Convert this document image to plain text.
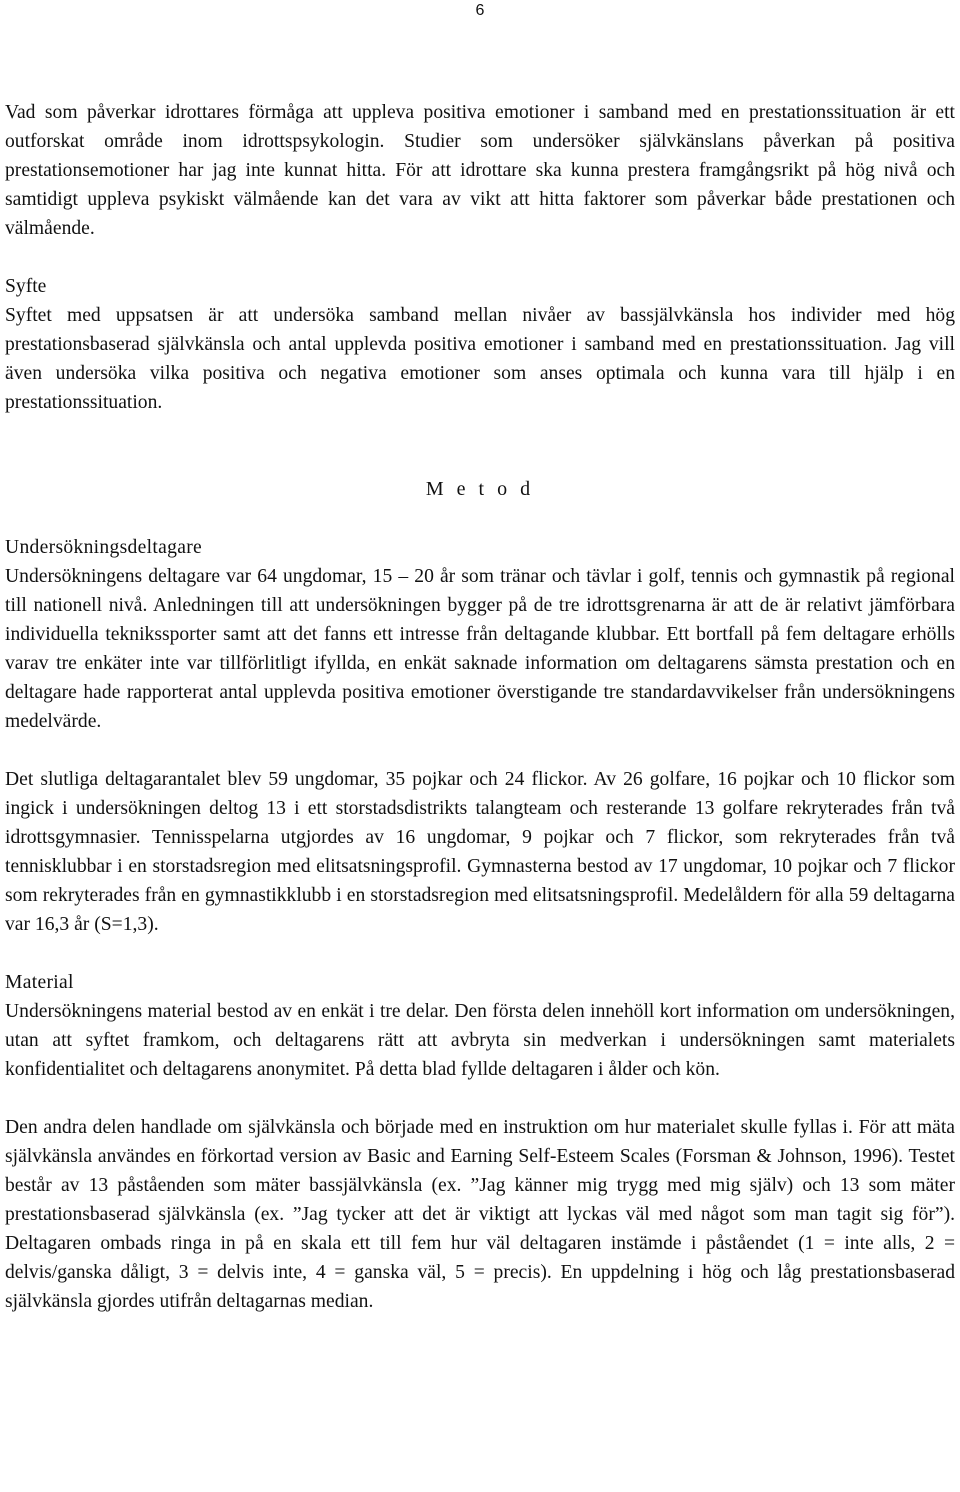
6

Vad som påverkar idrottares förmåga att uppleva positiva emotioner i samband med en prestationssituation är ett outforskat område inom idrottspsykologin. Studier som undersöker självkänslans påverkan på positiva prestationsemotioner har jag inte kunnat hitta. För att idrottare ska kunna prestera framgångsrikt på hög nivå och samtidigt uppleva psykiskt välmående kan det vara av vikt att hitta faktorer som påverkar både prestationen och välmående.

Syfte

Syftet med uppsatsen är att undersöka samband mellan nivåer av bassjälvkänsla hos individer med hög prestationsbaserad självkänsla och antal upplevda positiva emotioner i samband med en prestationssituation. Jag vill även undersöka vilka positiva och negativa emotioner som anses optimala och kunna vara till hjälp i en prestationssituation.

M e t o d
Undersökningsdeltagare

Undersökningens deltagare var 64 ungdomar, 15 – 20 år som tränar och tävlar i golf, tennis och gymnastik på regional till nationell nivå. Anledningen till att undersökningen bygger på de tre idrottsgrenarna är att de är relativt jämförbara individuella teknikssporter samt att det fanns ett intresse från deltagande klubbar. Ett bortfall på fem deltagare erhölls varav tre enkäter inte var tillförlitligt ifyllda, en enkät saknade information om deltagarens sämsta prestation och en deltagare hade rapporterat antal upplevda positiva emotioner överstigande tre standardavvikelser från undersökningens medelvärde.

Det slutliga deltagarantalet blev 59 ungdomar, 35 pojkar och 24 flickor. Av 26 golfare, 16 pojkar och 10 flickor som ingick i undersökningen deltog 13 i ett storstadsdistrikts talangteam och resterande 13 golfare rekryterades från två idrottsgymnasier. Tennisspelarna utgjordes av 16 ungdomar, 9 pojkar och 7 flickor, som rekryterades från två tennisklubbar i en storstadsregion med elitsatsningsprofil. Gymnasterna bestod av 17 ungdomar, 10 pojkar och 7 flickor som rekryterades från en gymnastikklubb i en storstadsregion med elitsatsningsprofil. Medelåldern för alla 59 deltagarna var 16,3 år (S=1,3).

Material

Undersökningens material bestod av en enkät i tre delar. Den första delen innehöll kort information om undersökningen, utan att syftet framkom, och deltagarens rätt att avbryta sin medverkan i undersökningen samt materialets konfidentialitet och deltagarens anonymitet. På detta blad fyllde deltagaren i ålder och kön.

Den andra delen handlade om självkänsla och började med en instruktion om hur materialet skulle fyllas i. För att mäta självkänsla användes en förkortad version av Basic and Earning Self-Esteem Scales (Forsman & Johnson, 1996). Testet består av 13 påståenden som mäter bassjälvkänsla (ex. ”Jag känner mig trygg med mig själv) och 13 som mäter prestationsbaserad självkänsla (ex. ”Jag tycker att det är viktigt att lyckas väl med något som man tagit sig för”). Deltagaren ombads ringa in på en skala ett till fem hur väl deltagaren instämde i påståendet (1 = inte alls, 2 = delvis/ganska dåligt, 3 = delvis inte, 4 = ganska väl, 5 = precis). En uppdelning i hög och låg prestationsbaserad självkänsla gjordes utifrån deltagarnas median.
